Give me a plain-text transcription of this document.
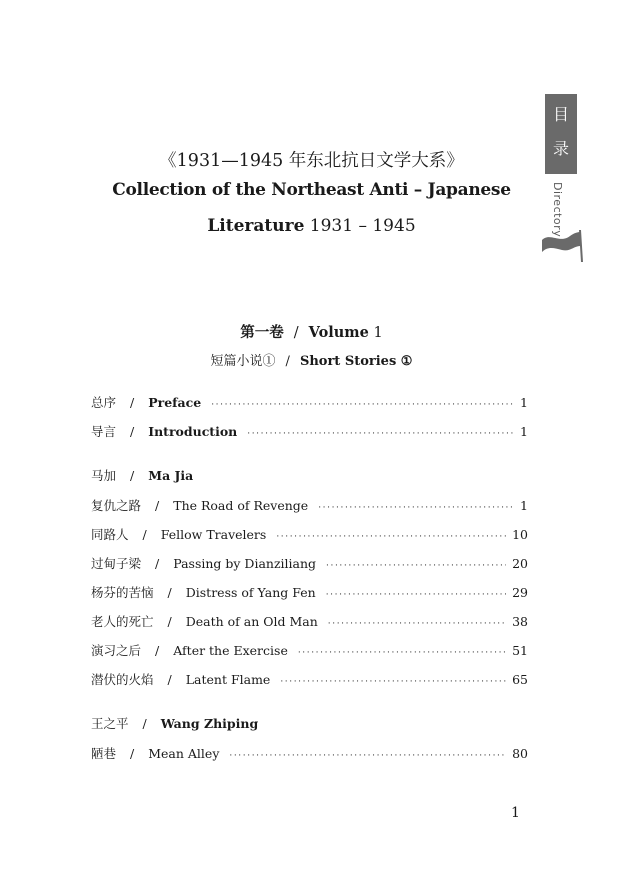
目
录
Directory
《1931—1945 年东北抗日文学大系》
Collection of the Northeast Anti – Japanese
Literature 1931 – 1945
第一卷 / Volume 1
短篇小说① / Short Stories ①
总序 / Preface ·····	1
导言 / Introduction ·····	1
马加 / Ma Jia
复仇之路 / The Road of Revenge ·····	1
同路人 / Fellow Travelers ·····	10
过甸子梁 / Passing by Dianziliang ·····	20
杨芬的苦恼 / Distress of Yang Fen ·····	29
老人的死亡 / Death of an Old Man ·····	38
演习之后 / After the Exercise ·····	51
潜伏的火焰 / Latent Flame ·····	65
王之平 / Wang Zhiping
陋巷 / Mean Alley ·····	80
1
